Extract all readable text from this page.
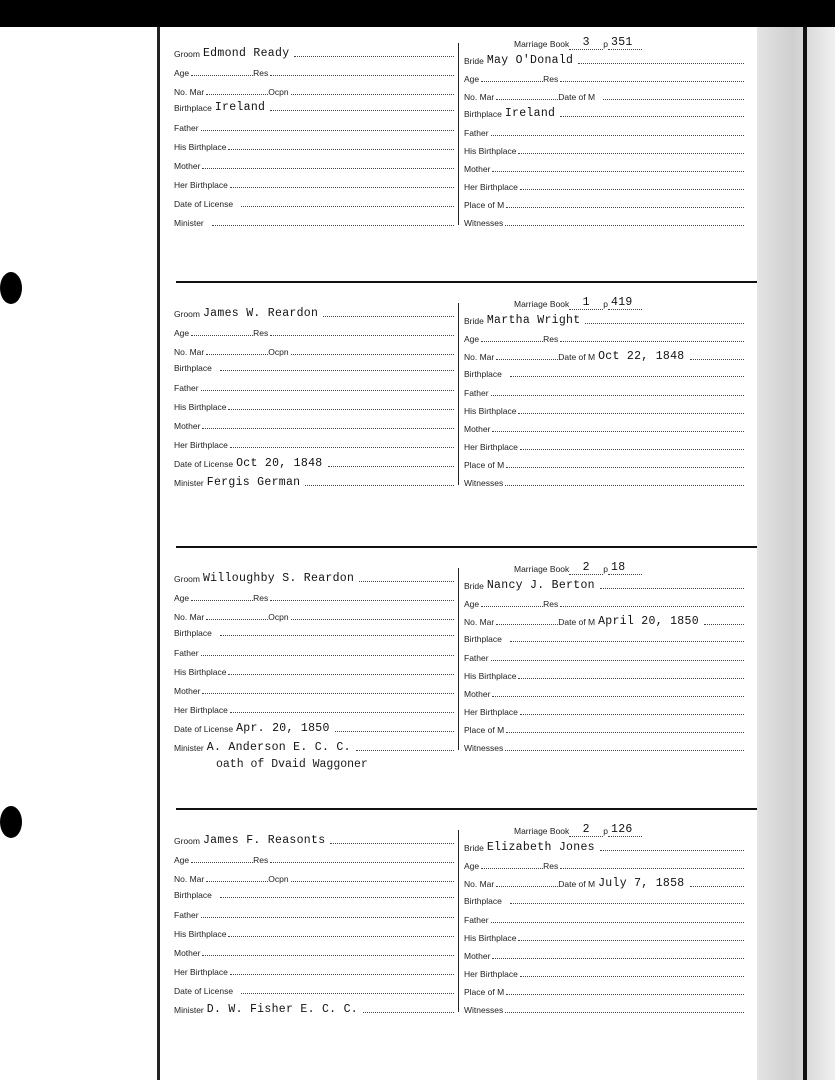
Groom Edmond Ready
Age	Res
No. Mar	Ocpn
Birthplace Ireland
Father
His Birthplace
Mother
Her Birthplace
Date of License
Minister
Marriage Book	3	p 351
Bride May O'Donald
Age	Res
No. Mar	Date of M
Birthplace Ireland
Father
His Birthplace
Mother
Her Birthplace
Place of M
Witnesses
Groom James W. Reardon
Age	Res
No. Mar	Ocpn
Birthplace
Father
His Birthplace
Mother
Her Birthplace
Date of License Oct 20, 1848
Minister Fergis German
Marriage Book	1	p 419
Bride Martha Wright
Age	Res
No. Mar	Date of M Oct 22, 1848
Birthplace
Father
His Birthplace
Mother
Her Birthplace
Place of M
Witnesses
Groom Willoughby S. Reardon
Age	Res
No. Mar	Ocpn
Birthplace
Father
His Birthplace
Mother
Her Birthplace
Date of License Apr. 20, 1850
Minister A. Anderson E. C. C.
oath of Dvaid Waggoner
Marriage Book	2	p 18
Bride Nancy J. Berton
Age	Res
No. Mar	Date of M April 20, 1850
Birthplace
Father
His Birthplace
Mother
Her Birthplace
Place of M
Witnesses
Groom James F. Reasonts
Age	Res
No. Mar	Ocpn
Birthplace
Father
His Birthplace
Mother
Her Birthplace
Date of License
Minister D. W. Fisher E. C. C.
Marriage Book	2	p 126
Bride Elizabeth Jones
Age	Res
No. Mar	Date of M July 7, 1858
Birthplace
Father
His Birthplace
Mother
Her Birthplace
Place of M
Witnesses
